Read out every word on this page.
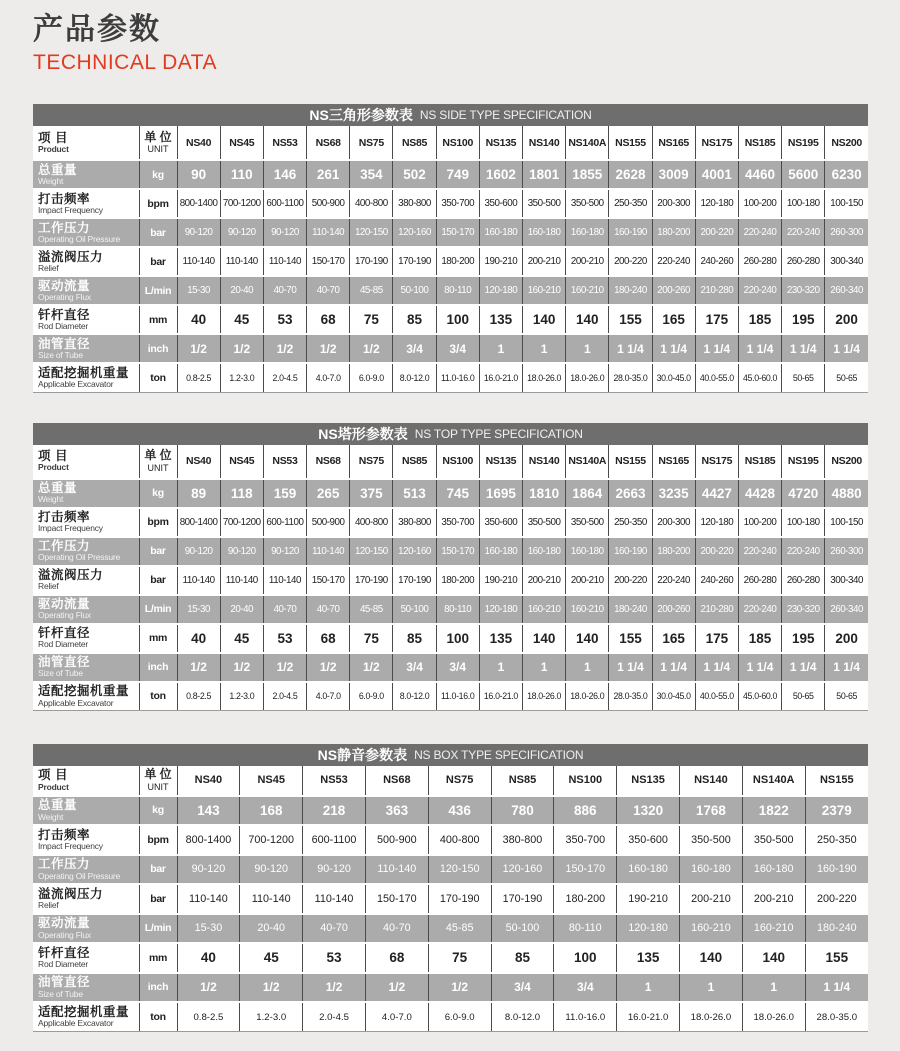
产品参数
TECHNICAL DATA
NS三角形参数表 NS SIDE TYPE SPECIFICATION
项 目
Product

单 位
UNIT
	NS40	NS45	NS53	NS68	NS75	NS85	NS100	NS135	NS140	NS140A	NS155	NS165	NS175	NS185	NS195	NS200

总重量
Weight	kg	90	110	146	261	354	502	749	1602	1801	1855	2628	3009	4001	4460	5600	6230

打击频率
Impact Frequency	bpm	800-1400	700-1200	600-1100	500-900	400-800	380-800	350-700	350-600	350-500	350-500	250-350	200-300	120-180	100-200	100-180	100-150

工作压力
Operating Oil Pressure	bar	90-120	90-120	90-120	110-140	120-150	120-160	150-170	160-180	160-180	160-180	160-190	180-200	200-220	220-240	220-240	260-300

溢流阀压力
Relief	bar	110-140	110-140	110-140	150-170	170-190	170-190	180-200	190-210	200-210	200-210	200-220	220-240	240-260	260-280	260-280	300-340

驱动流量
Operating Flux	L/min	15-30	20-40	40-70	40-70	45-85	50-100	80-110	120-180	160-210	160-210	180-240	200-260	210-280	220-240	230-320	260-340

钎杆直径
Rod Diameter	mm	40	45	53	68	75	85	100	135	140	140	155	165	175	185	195	200

油管直径
Size of Tube	inch	1/2	1/2	1/2	1/2	1/2	3/4	3/4	1	1	1	1 1/4	1 1/4	1 1/4	1 1/4	1 1/4	1 1/4

适配挖掘机重量
Applicable Excavator	ton	0.8-2.5	1.2-3.0	2.0-4.5	4.0-7.0	6.0-9.0	8.0-12.0	11.0-16.0	16.0-21.0	18.0-26.0	18.0-26.0	28.0-35.0	30.0-45.0	40.0-55.0	45.0-60.0	50-65	50-65
NS塔形参数表 NS TOP TYPE SPECIFICATION
项 目
Product

单 位
UNIT
	NS40	NS45	NS53	NS68	NS75	NS85	NS100	NS135	NS140	NS140A	NS155	NS165	NS175	NS185	NS195	NS200

总重量
Weight	kg	89	118	159	265	375	513	745	1695	1810	1864	2663	3235	4427	4428	4720	4880

打击频率
Impact Frequency	bpm	800-1400	700-1200	600-1100	500-900	400-800	380-800	350-700	350-600	350-500	350-500	250-350	200-300	120-180	100-200	100-180	100-150

工作压力
Operating Oil Pressure	bar	90-120	90-120	90-120	110-140	120-150	120-160	150-170	160-180	160-180	160-180	160-190	180-200	200-220	220-240	220-240	260-300

溢流阀压力
Relief	bar	110-140	110-140	110-140	150-170	170-190	170-190	180-200	190-210	200-210	200-210	200-220	220-240	240-260	260-280	260-280	300-340

驱动流量
Operating Flux	L/min	15-30	20-40	40-70	40-70	45-85	50-100	80-110	120-180	160-210	160-210	180-240	200-260	210-280	220-240	230-320	260-340

钎杆直径
Rod Diameter	mm	40	45	53	68	75	85	100	135	140	140	155	165	175	185	195	200

油管直径
Size of Tube	inch	1/2	1/2	1/2	1/2	1/2	3/4	3/4	1	1	1	1 1/4	1 1/4	1 1/4	1 1/4	1 1/4	1 1/4

适配挖掘机重量
Applicable Excavator	ton	0.8-2.5	1.2-3.0	2.0-4.5	4.0-7.0	6.0-9.0	8.0-12.0	11.0-16.0	16.0-21.0	18.0-26.0	18.0-26.0	28.0-35.0	30.0-45.0	40.0-55.0	45.0-60.0	50-65	50-65
NS静音参数表 NS BOX TYPE SPECIFICATION
项 目
Product

单 位
UNIT
	NS40	NS45	NS53	NS68	NS75	NS85	NS100	NS135	NS140	NS140A	NS155

总重量
Weight	kg	143	168	218	363	436	780	886	1320	1768	1822	2379

打击频率
Impact Frequency	bpm	800-1400	700-1200	600-1100	500-900	400-800	380-800	350-700	350-600	350-500	350-500	250-350

工作压力
Operating Oil Pressure	bar	90-120	90-120	90-120	110-140	120-150	120-160	150-170	160-180	160-180	160-180	160-190

溢流阀压力
Relief	bar	110-140	110-140	110-140	150-170	170-190	170-190	180-200	190-210	200-210	200-210	200-220

驱动流量
Operating Flux	L/min	15-30	20-40	40-70	40-70	45-85	50-100	80-110	120-180	160-210	160-210	180-240

钎杆直径
Rod Diameter	mm	40	45	53	68	75	85	100	135	140	140	155

油管直径
Size of Tube	inch	1/2	1/2	1/2	1/2	1/2	3/4	3/4	1	1	1	1 1/4

适配挖掘机重量
Applicable Excavator	ton	0.8-2.5	1.2-3.0	2.0-4.5	4.0-7.0	6.0-9.0	8.0-12.0	11.0-16.0	16.0-21.0	18.0-26.0	18.0-26.0	28.0-35.0
